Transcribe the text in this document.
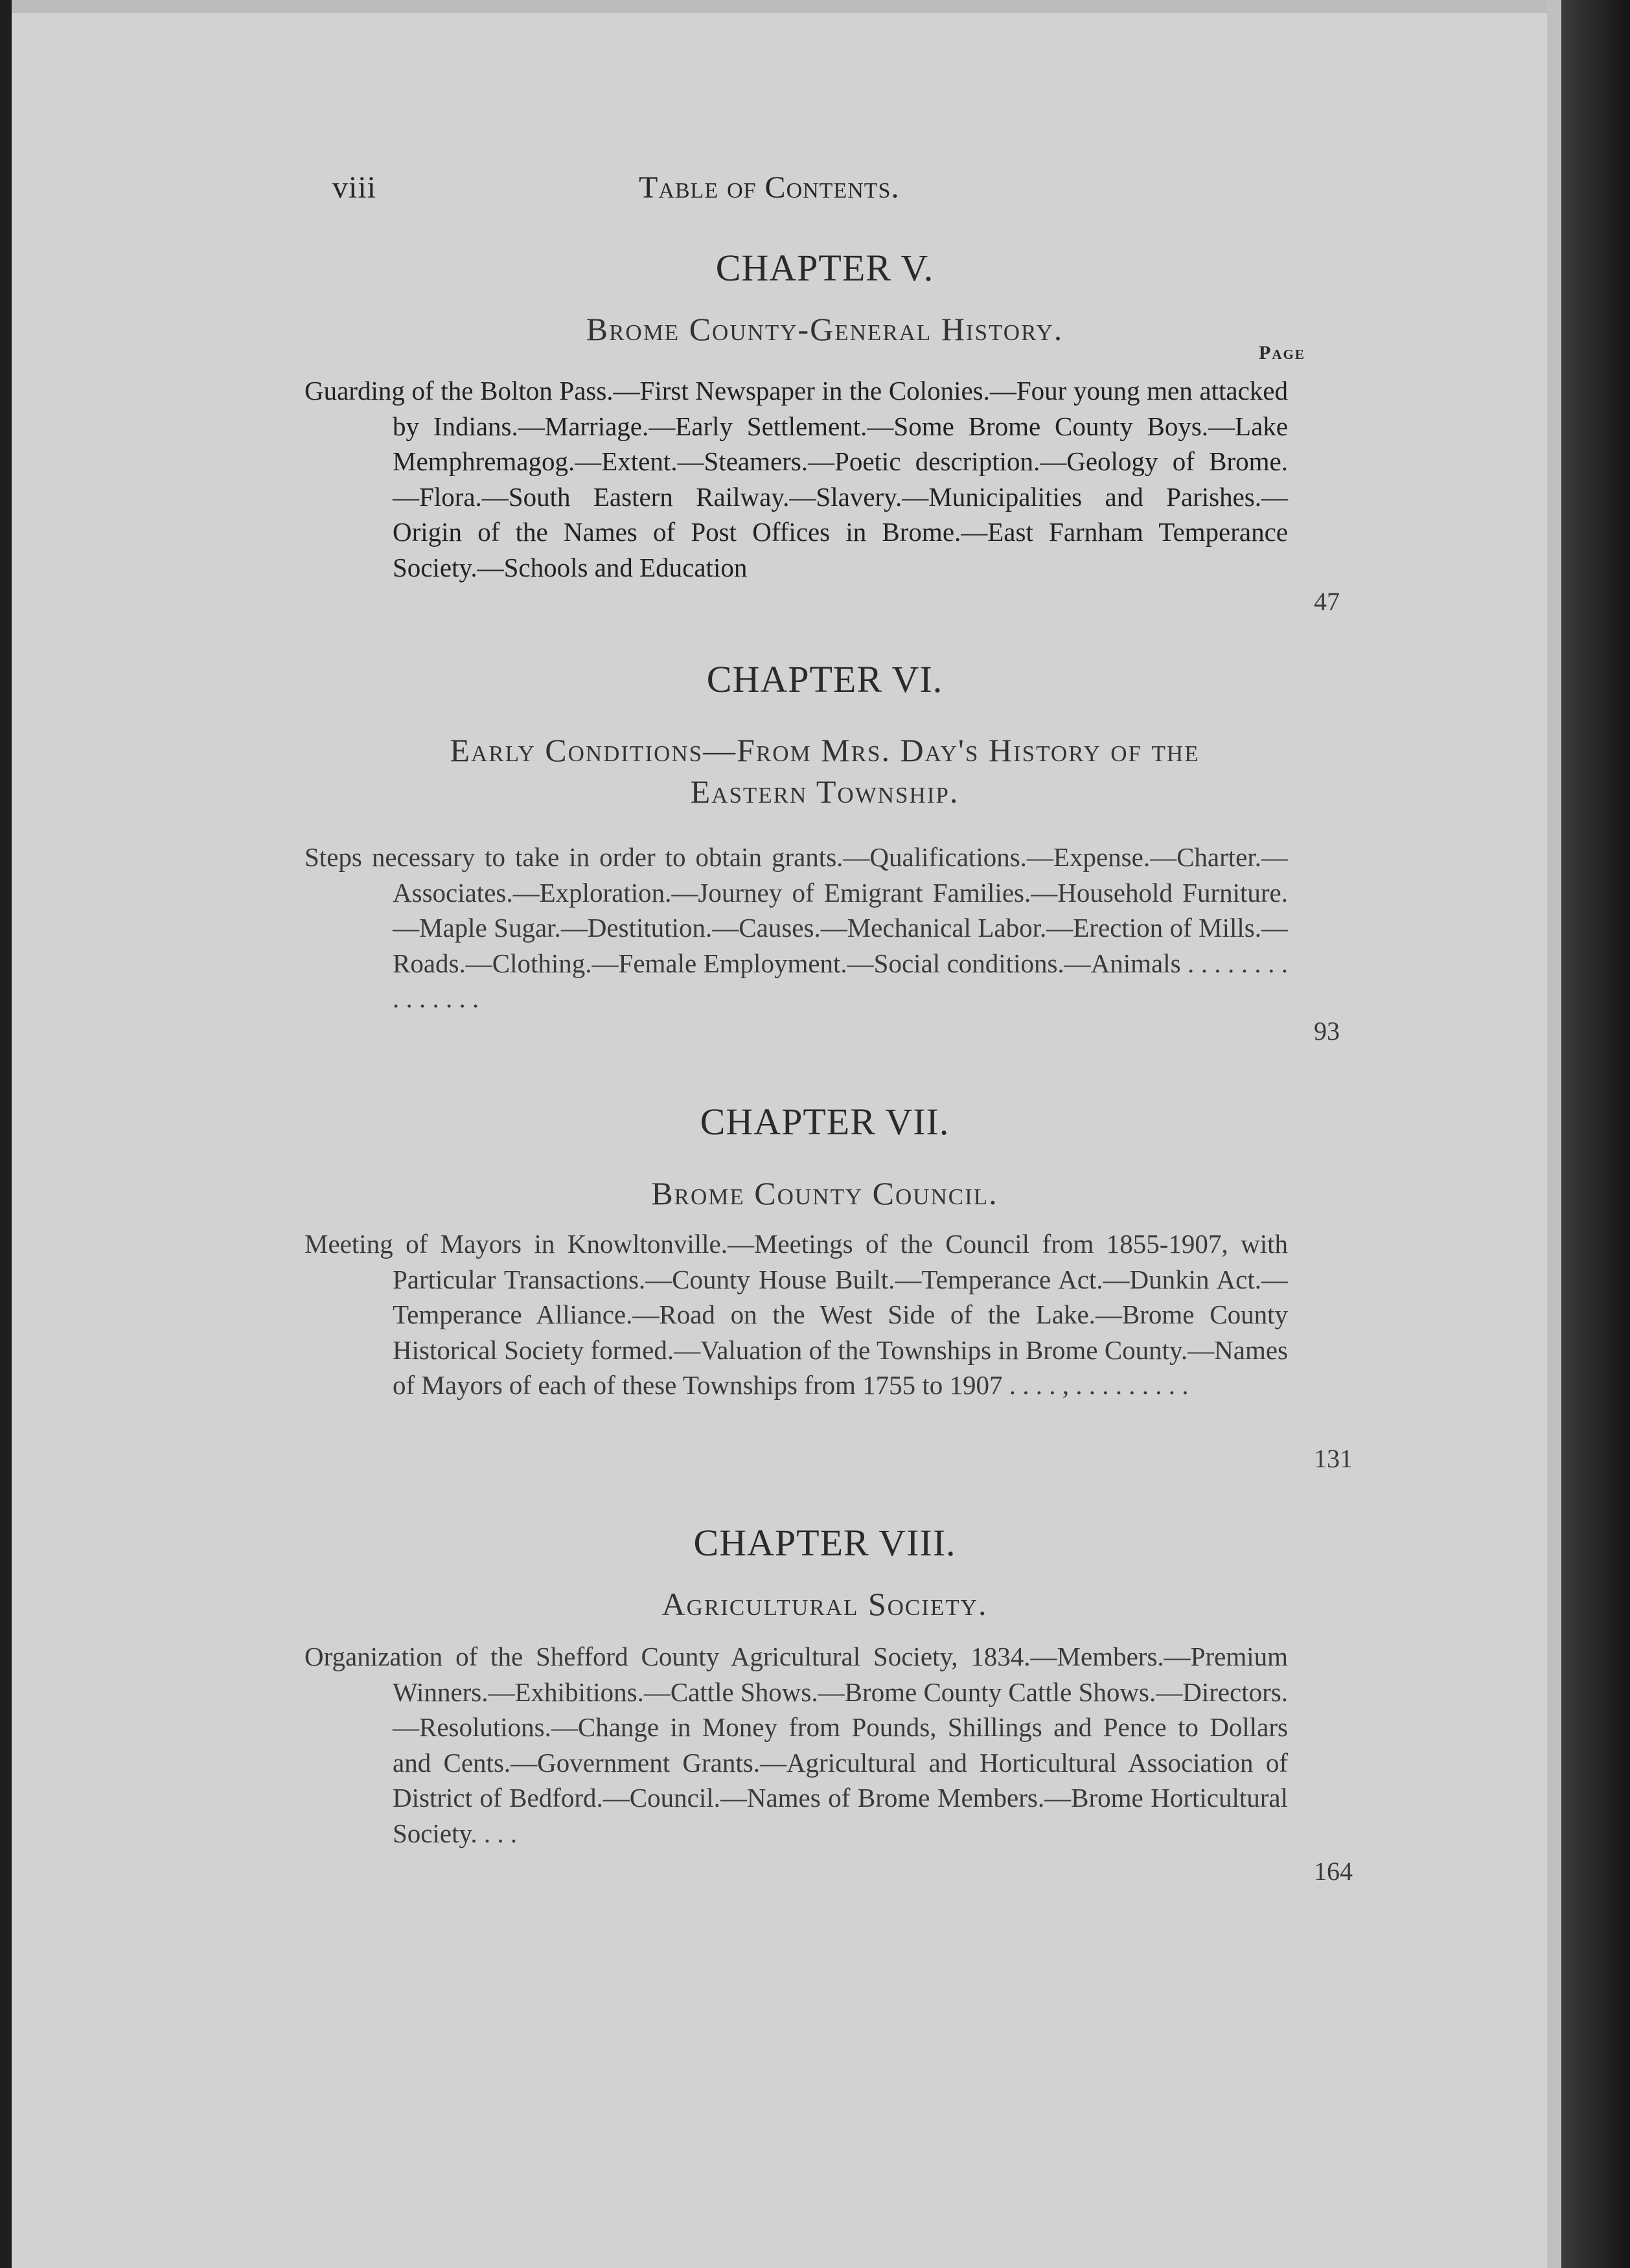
viii	Table of Contents.
CHAPTER V.
Brome County-General History.
Page
Guarding of the Bolton Pass.—First Newspaper in the Colonies.—Four young men attacked by Indians.—Marriage.—Early Settlement.—Some Brome County Boys.—Lake Memphremagog.—Extent.—Steamers.—Poetic description.—Geology of Brome.—Flora.—South Eastern Railway.—Slavery.—Municipalities and Parishes.—Origin of the Names of Post Offices in Brome.—East Farnham Temperance Society.—Schools and Education
47
CHAPTER VI.
Early Conditions—From Mrs. Day's History of the
Eastern Township.
Steps necessary to take in order to obtain grants.—Qualifications.—Expense.—Charter.—Associates.—Exploration.—Journey of Emigrant Families.—Household Furniture.—Maple Sugar.—Destitution.—Causes.—Mechanical Labor.—Erection of Mills.—Roads.—Clothing.—Female Employment.—Social conditions.—Animals . . . . . . . . . . . . . . .
93
CHAPTER VII.
Brome County Council.
Meeting of Mayors in Knowltonville.—Meetings of the Council from 1855-1907, with Particular Transactions.—County House Built.—Temperance Act.—Dunkin Act.—Temperance Alliance.—Road on the West Side of the Lake.—Brome County Historical Society formed.—Valuation of the Townships in Brome County.—Names of Mayors of each of these Townships from 1755 to 1907 . . . . , . . . . . . . . .
131
CHAPTER VIII.
Agricultural Society.
Organization of the Shefford County Agricultural Society, 1834.—Members.—Premium Winners.—Exhibitions.—Cattle Shows.—Brome County Cattle Shows.—Directors.—Resolutions.—Change in Money from Pounds, Shillings and Pence to Dollars and Cents.—Government Grants.—Agricultural and Horticultural Association of District of Bedford.—Council.—Names of Brome Members.—Brome Horticultural Society. . . .
164
